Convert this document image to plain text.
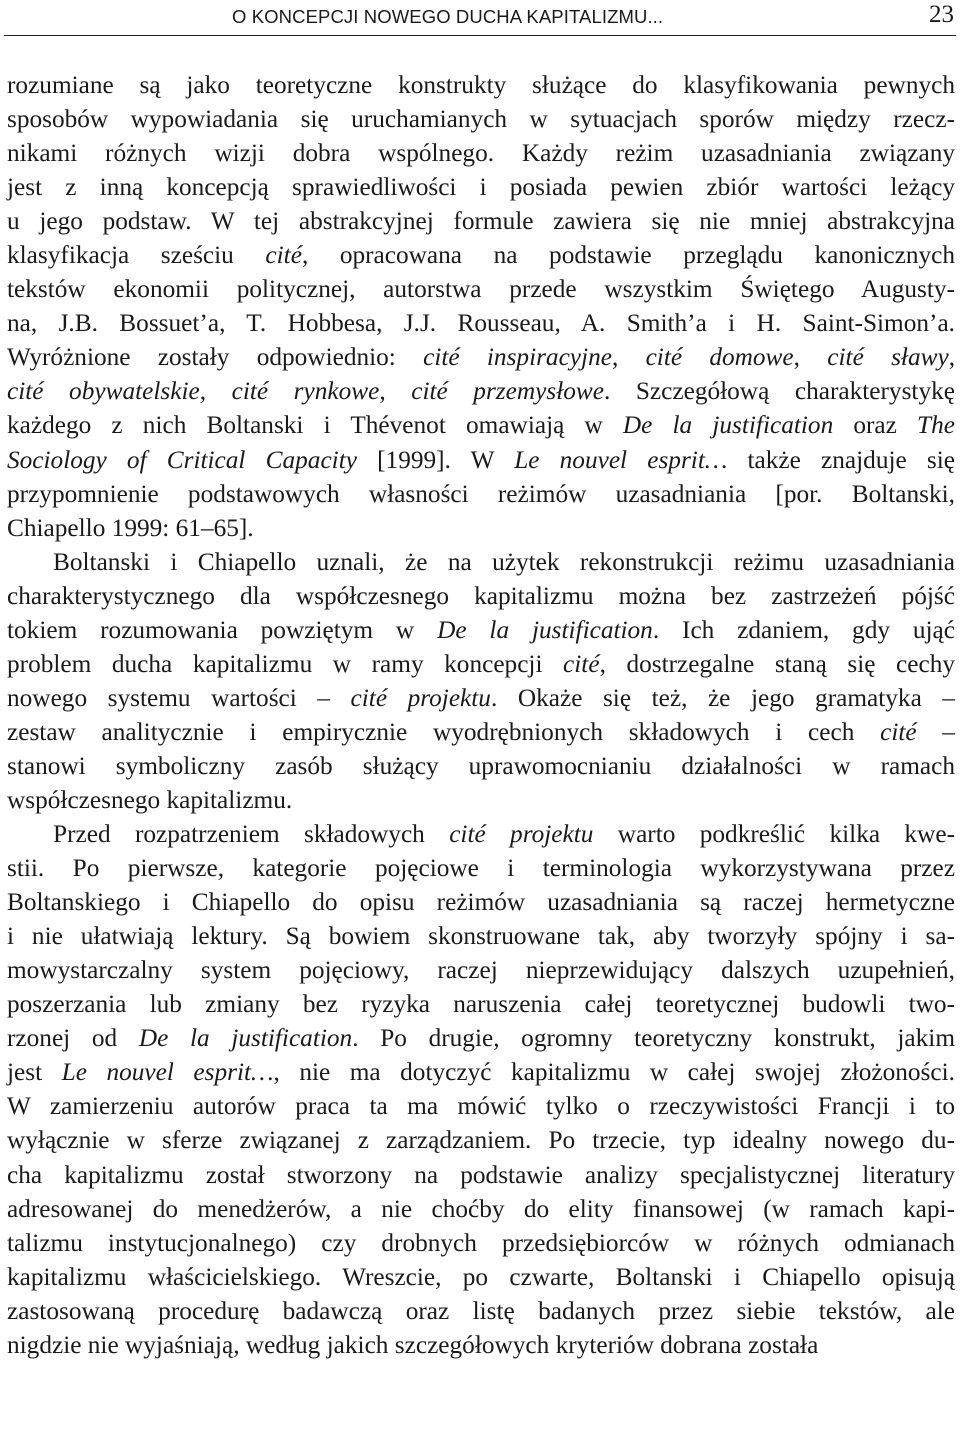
O KONCEPCJI NOWEGO DUCHA KAPITALIZMU...	23

rozumiane są jako teoretyczne konstrukty służące do klasyfikowania pewnych
sposobów wypowiadania się uruchamianych w sytuacjach sporów między rzecz-
nikami różnych wizji dobra wspólnego. Każdy reżim uzasadniania związany
jest z inną koncepcją sprawiedliwości i posiada pewien zbiór wartości leżący
u jego podstaw. W tej abstrakcyjnej formule zawiera się nie mniej abstrakcyjna
klasyfikacja sześciu cité, opracowana na podstawie przeglądu kanonicznych
tekstów ekonomii politycznej, autorstwa przede wszystkim Świętego Augusty-
na, J.B. Bossuet’a, T. Hobbesa, J.J. Rousseau, A. Smith’a i H. Saint-Simon’a.
Wyróżnione zostały odpowiednio: cité inspiracyjne, cité domowe, cité sławy,
cité obywatelskie, cité rynkowe, cité przemysłowe. Szczegółową charakterystykę
każdego z nich Boltanski i Thévenot omawiają w De la justification oraz The
Sociology of Critical Capacity [1999]. W Le nouvel esprit… także znajduje się
przypomnienie podstawowych własności reżimów uzasadniania [por. Boltanski,
Chiapello 1999: 61–65].

Boltanski i Chiapello uznali, że na użytek rekonstrukcji reżimu uzasadniania
charakterystycznego dla współczesnego kapitalizmu można bez zastrzeżeń pójść
tokiem rozumowania powziętym w De la justification. Ich zdaniem, gdy ująć
problem ducha kapitalizmu w ramy koncepcji cité, dostrzegalne staną się cechy
nowego systemu wartości – cité projektu. Okaże się też, że jego gramatyka –
zestaw analitycznie i empirycznie wyodrębnionych składowych i cech cité –
stanowi symboliczny zasób służący uprawomocnianiu działalności w ramach
współczesnego kapitalizmu.

Przed rozpatrzeniem składowych cité projektu warto podkreślić kilka kwe-
stii. Po pierwsze, kategorie pojęciowe i terminologia wykorzystywana przez
Boltanskiego i Chiapello do opisu reżimów uzasadniania są raczej hermetyczne
i nie ułatwiają lektury. Są bowiem skonstruowane tak, aby tworzyły spójny i sa-
mowystarczalny system pojęciowy, raczej nieprzewidujący dalszych uzupełnień,
poszerzania lub zmiany bez ryzyka naruszenia całej teoretycznej budowli two-
rzonej od De la justification. Po drugie, ogromny teoretyczny konstrukt, jakim
jest Le nouvel esprit…, nie ma dotyczyć kapitalizmu w całej swojej złożoności.
W zamierzeniu autorów praca ta ma mówić tylko o rzeczywistości Francji i to
wyłącznie w sferze związanej z zarządzaniem. Po trzecie, typ idealny nowego du-
cha kapitalizmu został stworzony na podstawie analizy specjalistycznej literatury
adresowanej do menedżerów, a nie choćby do elity finansowej (w ramach kapi-
talizmu instytucjonalnego) czy drobnych przedsiębiorców w różnych odmianach
kapitalizmu właścicielskiego. Wreszcie, po czwarte, Boltanski i Chiapello opisują
zastosowaną procedurę badawczą oraz listę badanych przez siebie tekstów, ale
nigdzie nie wyjaśniają, według jakich szczegółowych kryteriów dobrana została
